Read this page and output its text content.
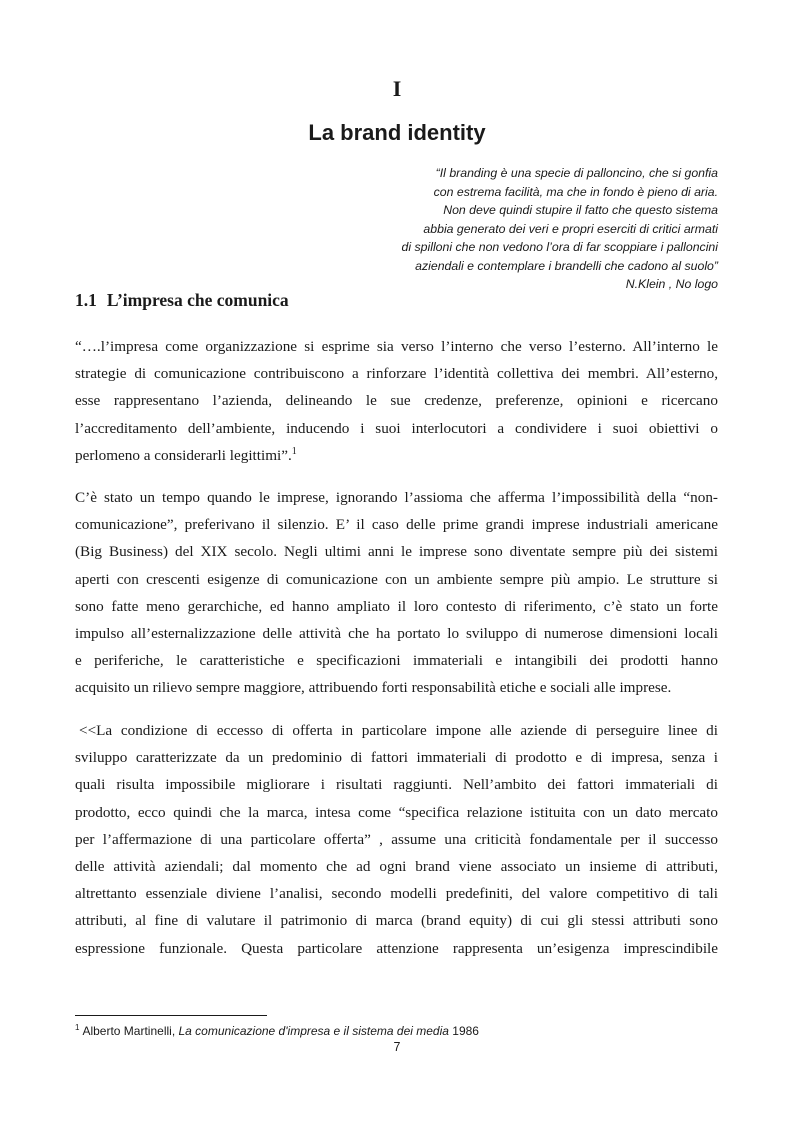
I
La brand identity
“Il branding è una specie di palloncino, che si gonfia
con estrema facilità, ma che in fondo è pieno di aria.
Non deve quindi stupire il fatto che questo sistema
abbia generato dei veri e propri eserciti di critici armati
di spilloni che non vedono l’ora di far scoppiare i palloncini
aziendali e contemplare i brandelli che cadono al suolo”
N.Klein , No logo
1.1 L’impresa che comunica
“….l’impresa come organizzazione si esprime sia verso l’interno che verso l’esterno. All’interno le
strategie di comunicazione contribuiscono a rinforzare l’identità collettiva dei membri. All’esterno,
esse rappresentano l’azienda, delineando le sue credenze, preferenze, opinioni e ricercano
l’accreditamento dell’ambiente, inducendo i suoi interlocutori a condividere i suoi obiettivi o
perlomeno a considerarli legittimi”.$^1$
C’è stato un tempo quando le imprese, ignorando l’assioma che afferma l’impossibilità della “non-
comunicazione”, preferivano il silenzio. E’ il caso delle prime grandi imprese industriali americane
(Big Business) del XIX secolo. Negli ultimi anni le imprese sono diventate sempre più dei sistemi
aperti con crescenti esigenze di comunicazione con un ambiente sempre più ampio. Le strutture si
sono fatte meno gerarchiche, ed hanno ampliato il loro contesto di riferimento, c’è stato un forte
impulso all’esternalizzazione delle attività che ha portato lo sviluppo di numerose dimensioni locali
e periferiche, le caratteristiche e specificazioni immateriali e intangibili dei prodotti hanno
acquisito un rilievo sempre maggiore, attribuendo forti responsabilità etiche e sociali alle imprese.
<<La condizione di eccesso di offerta in particolare impone alle aziende di perseguire linee di
sviluppo caratterizzate da un predominio di fattori immateriali di prodotto e di impresa, senza i
quali risulta impossibile migliorare i risultati raggiunti. Nell’ambito dei fattori immateriali di
prodotto, ecco quindi che la marca, intesa come “specifica relazione istituita con un dato mercato
per l’affermazione di una particolare offerta” , assume una criticità fondamentale per il successo
delle attività aziendali; dal momento che ad ogni brand viene associato un insieme di attributi,
altrettanto essenziale diviene l’analisi, secondo modelli predefiniti, del valore competitivo di tali
attributi, al fine di valutare il patrimonio di marca (brand equity) di cui gli stessi attributi sono
espressione funzionale. Questa particolare attenzione rappresenta un’esigenza imprescindibile
$^1$ Alberto Martinelli, La comunicazione d'impresa e il sistema dei media 1986
7
